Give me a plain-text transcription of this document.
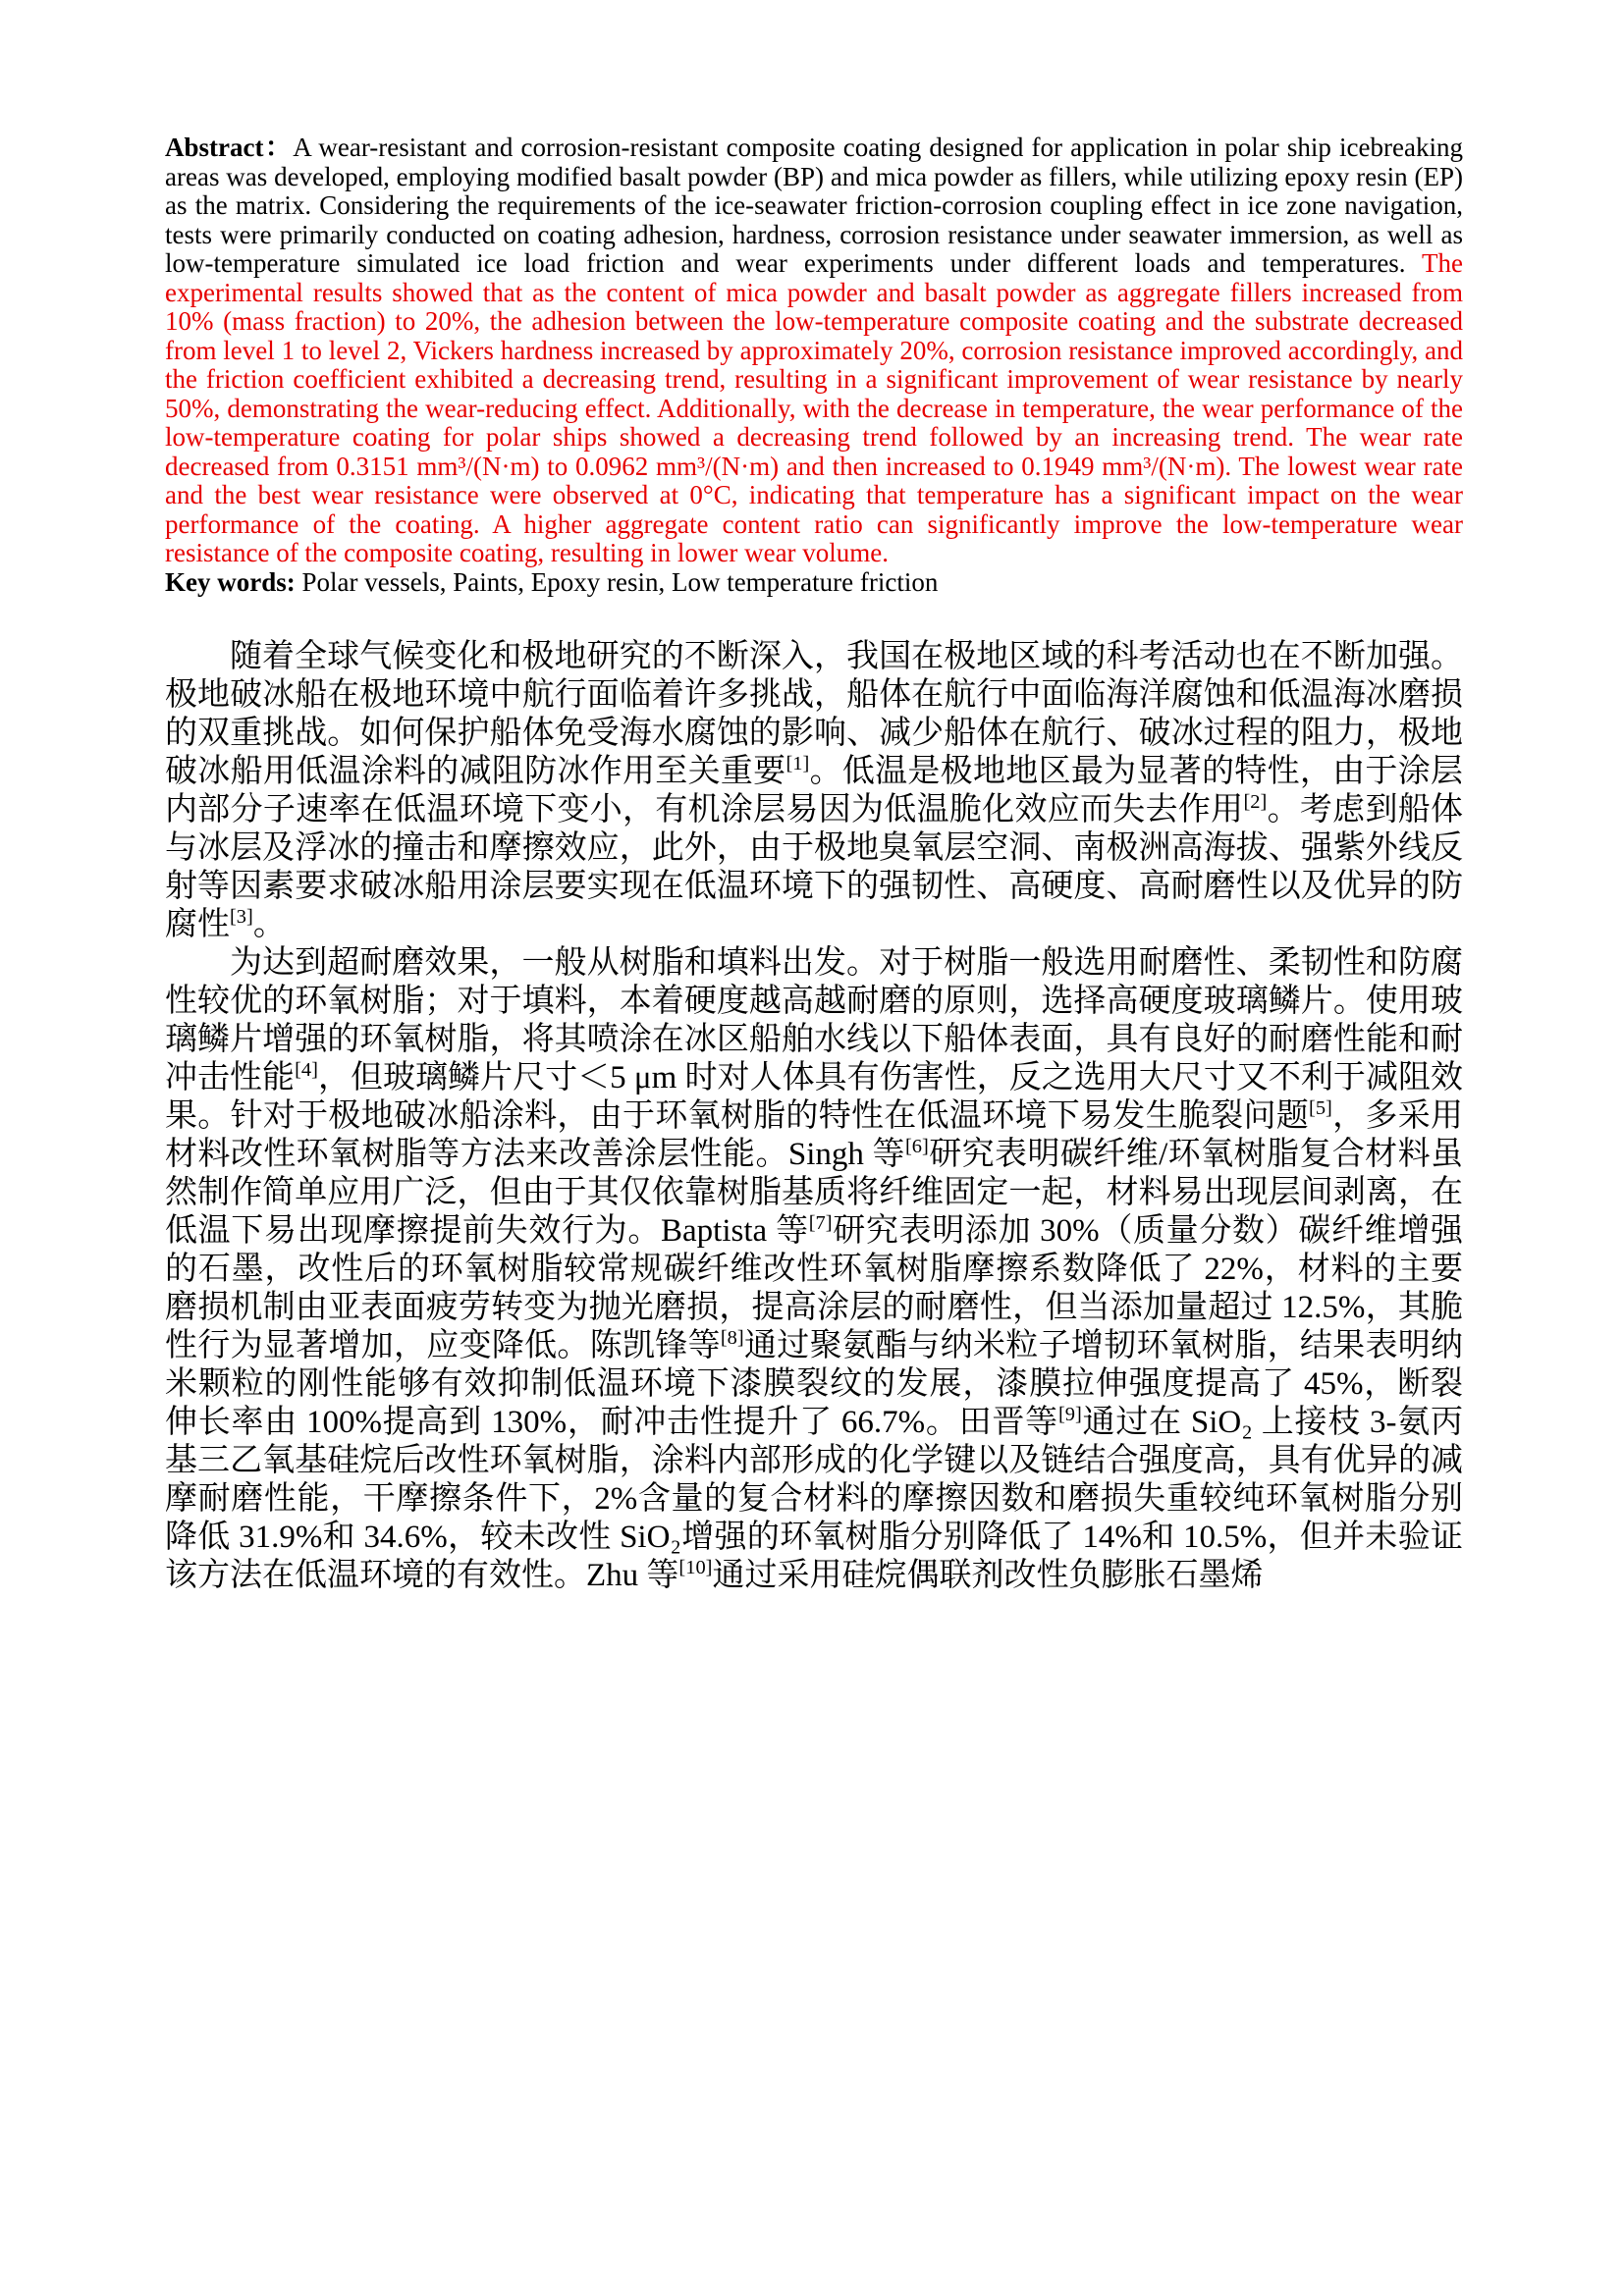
Abstract：A wear-resistant and corrosion-resistant composite coating designed for application in polar ship icebreaking areas was developed, employing modified basalt powder (BP) and mica powder as fillers, while utilizing epoxy resin (EP) as the matrix. Considering the requirements of the ice-seawater friction-corrosion coupling effect in ice zone navigation, tests were primarily conducted on coating adhesion, hardness, corrosion resistance under seawater immersion, as well as low-temperature simulated ice load friction and wear experiments under different loads and temperatures. The experimental results showed that as the content of mica powder and basalt powder as aggregate fillers increased from 10% (mass fraction) to 20%, the adhesion between the low-temperature composite coating and the substrate decreased from level 1 to level 2, Vickers hardness increased by approximately 20%, corrosion resistance improved accordingly, and the friction coefficient exhibited a decreasing trend, resulting in a significant improvement of wear resistance by nearly 50%, demonstrating the wear-reducing effect. Additionally, with the decrease in temperature, the wear performance of the low-temperature coating for polar ships showed a decreasing trend followed by an increasing trend. The wear rate decreased from 0.3151 mm³/(N·m) to 0.0962 mm³/(N·m) and then increased to 0.1949 mm³/(N·m). The lowest wear rate and the best wear resistance were observed at 0°C, indicating that temperature has a significant impact on the wear performance of the coating. A higher aggregate content ratio can significantly improve the low-temperature wear resistance of the composite coating, resulting in lower wear volume.

Key words: Polar vessels, Paints, Epoxy resin, Low temperature friction

随着全球气候变化和极地研究的不断深入，我国在极地区域的科考活动也在不断加强。极地破冰船在极地环境中航行面临着许多挑战，船体在航行中面临海洋腐蚀和低温海冰磨损的双重挑战。如何保护船体免受海水腐蚀的影响、减少船体在航行、破冰过程的阻力，极地破冰船用低温涂料的减阻防冰作用至关重要[1]。低温是极地地区最为显著的特性，由于涂层内部分子速率在低温环境下变小，有机涂层易因为低温脆化效应而失去作用[2]。考虑到船体与冰层及浮冰的撞击和摩擦效应，此外，由于极地臭氧层空洞、南极洲高海拔、强紫外线反射等因素要求破冰船用涂层要实现在低温环境下的强韧性、高硬度、高耐磨性以及优异的防腐性[3]。

为达到超耐磨效果，一般从树脂和填料出发。对于树脂一般选用耐磨性、柔韧性和防腐性较优的环氧树脂；对于填料，本着硬度越高越耐磨的原则，选择高硬度玻璃鳞片。使用玻璃鳞片增强的环氧树脂，将其喷涂在冰区船舶水线以下船体表面，具有良好的耐磨性能和耐冲击性能[4]，但玻璃鳞片尺寸＜5 μm 时对人体具有伤害性，反之选用大尺寸又不利于减阻效果。针对于极地破冰船涂料，由于环氧树脂的特性在低温环境下易发生脆裂问题[5]，多采用材料改性环氧树脂等方法来改善涂层性能。Singh 等[6]研究表明碳纤维/环氧树脂复合材料虽然制作简单应用广泛，但由于其仅依靠树脂基质将纤维固定一起，材料易出现层间剥离，在低温下易出现摩擦提前失效行为。Baptista 等[7]研究表明添加 30%（质量分数）碳纤维增强的石墨，改性后的环氧树脂较常规碳纤维改性环氧树脂摩擦系数降低了 22%，材料的主要磨损机制由亚表面疲劳转变为抛光磨损，提高涂层的耐磨性，但当添加量超过 12.5%，其脆性行为显著增加，应变降低。陈凯锋等[8]通过聚氨酯与纳米粒子增韧环氧树脂，结果表明纳米颗粒的刚性能够有效抑制低温环境下漆膜裂纹的发展，漆膜拉伸强度提高了 45%，断裂伸长率由 100%提高到 130%，耐冲击性提升了 66.7%。田晋等[9]通过在 SiO₂ 上接枝 3-氨丙基三乙氧基硅烷后改性环氧树脂，涂料内部形成的化学键以及链结合强度高，具有优异的减摩耐磨性能，干摩擦条件下，2%含量的复合材料的摩擦因数和磨损失重较纯环氧树脂分别降低 31.9%和 34.6%，较未改性 SiO₂增强的环氧树脂分别降低了 14%和 10.5%，但并未验证该方法在低温环境的有效性。Zhu 等[10]通过采用硅烷偶联剂改性负膨胀石墨烯
